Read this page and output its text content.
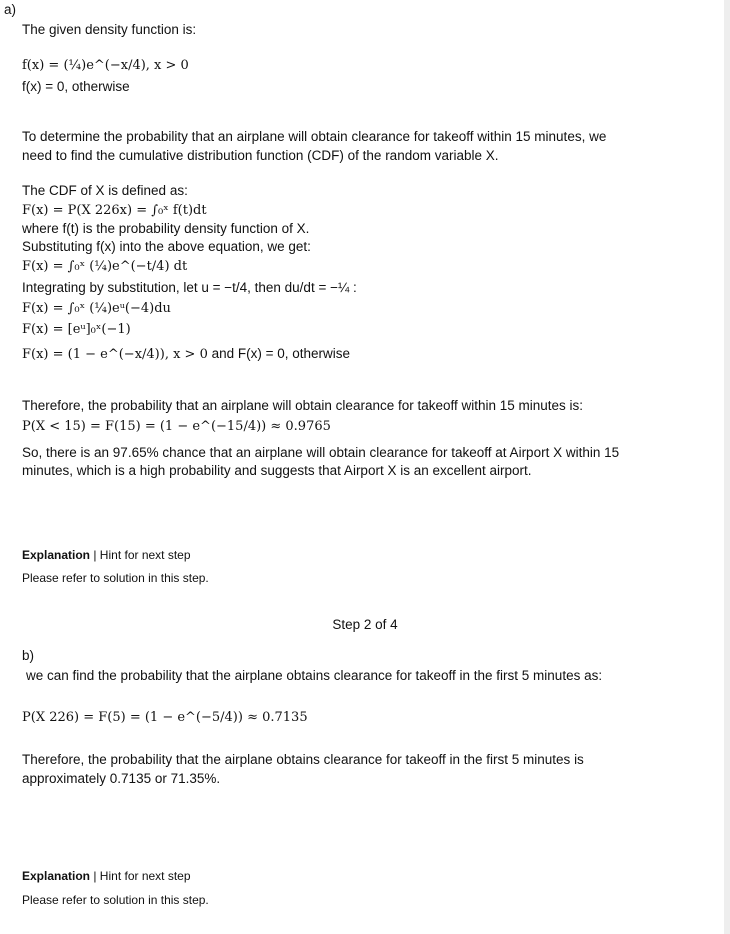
a)
The given density function is:
f(x) = (¼)e^(−x/4), x > 0
f(x) = 0, otherwise
To determine the probability that an airplane will obtain clearance for takeoff within 15 minutes, we
need to find the cumulative distribution function (CDF) of the random variable X.
The CDF of X is defined as:
F(x) = P(X 226x) = ∫₀ˣ f(t)dt
where f(t) is the probability density function of X.
Substituting f(x) into the above equation, we get:
F(x) = ∫₀ˣ (¼)e^(−t/4) dt
Integrating by substitution, let u = −t/4, then du/dt = −¼ :
F(x) = ∫₀ˣ (¼)eᵘ(−4)du
F(x) = [eᵘ]₀ˣ(−1)
F(x) = (1 − e^(−x/4)), x > 0 and F(x) = 0, otherwise
Therefore, the probability that an airplane will obtain clearance for takeoff within 15 minutes is:
P(X < 15) = F(15) = (1 − e^(−15/4)) ≈ 0.9765
So, there is an 97.65% chance that an airplane will obtain clearance for takeoff at Airport X within 15
minutes, which is a high probability and suggests that Airport X is an excellent airport.
Explanation | Hint for next step
Please refer to solution in this step.
Step 2 of 4
b)
we can find the probability that the airplane obtains clearance for takeoff in the first 5 minutes as:
P(X 226) = F(5) = (1 − e^(−5/4)) ≈ 0.7135
Therefore, the probability that the airplane obtains clearance for takeoff in the first 5 minutes is
approximately 0.7135 or 71.35%.
Explanation | Hint for next step
Please refer to solution in this step.
